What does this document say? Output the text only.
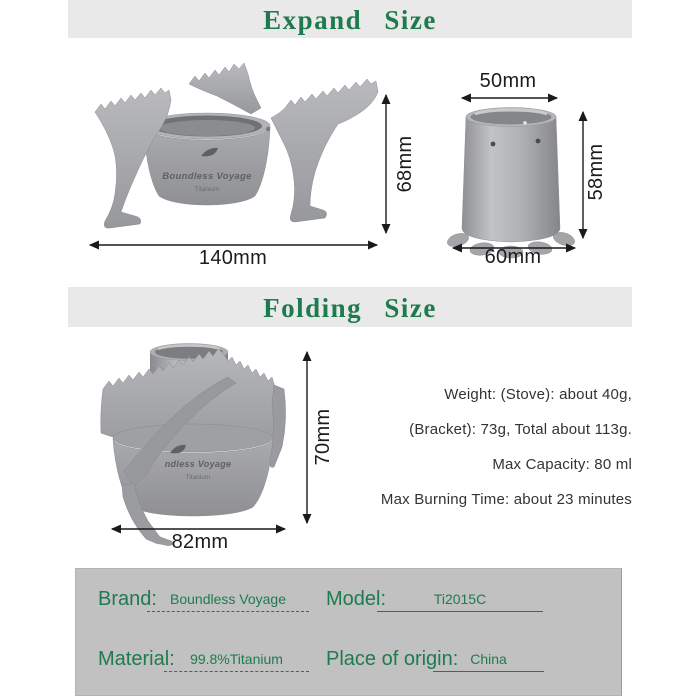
Expand Size
Boundless Voyage
Titanium
140mm
68mm
50mm
58mm
60mm
Folding Size
ndless Voyage
Titanium
82mm
70mm
Weight: (Stove): about 40g,
(Bracket): 73g, Total about 113g.
Max Capacity: 80 ml
Max Burning Time: about 23 minutes
Brand: Boundless Voyage Model:	Ti2015C
Material: 99.8%Titanium Place of origin: China
